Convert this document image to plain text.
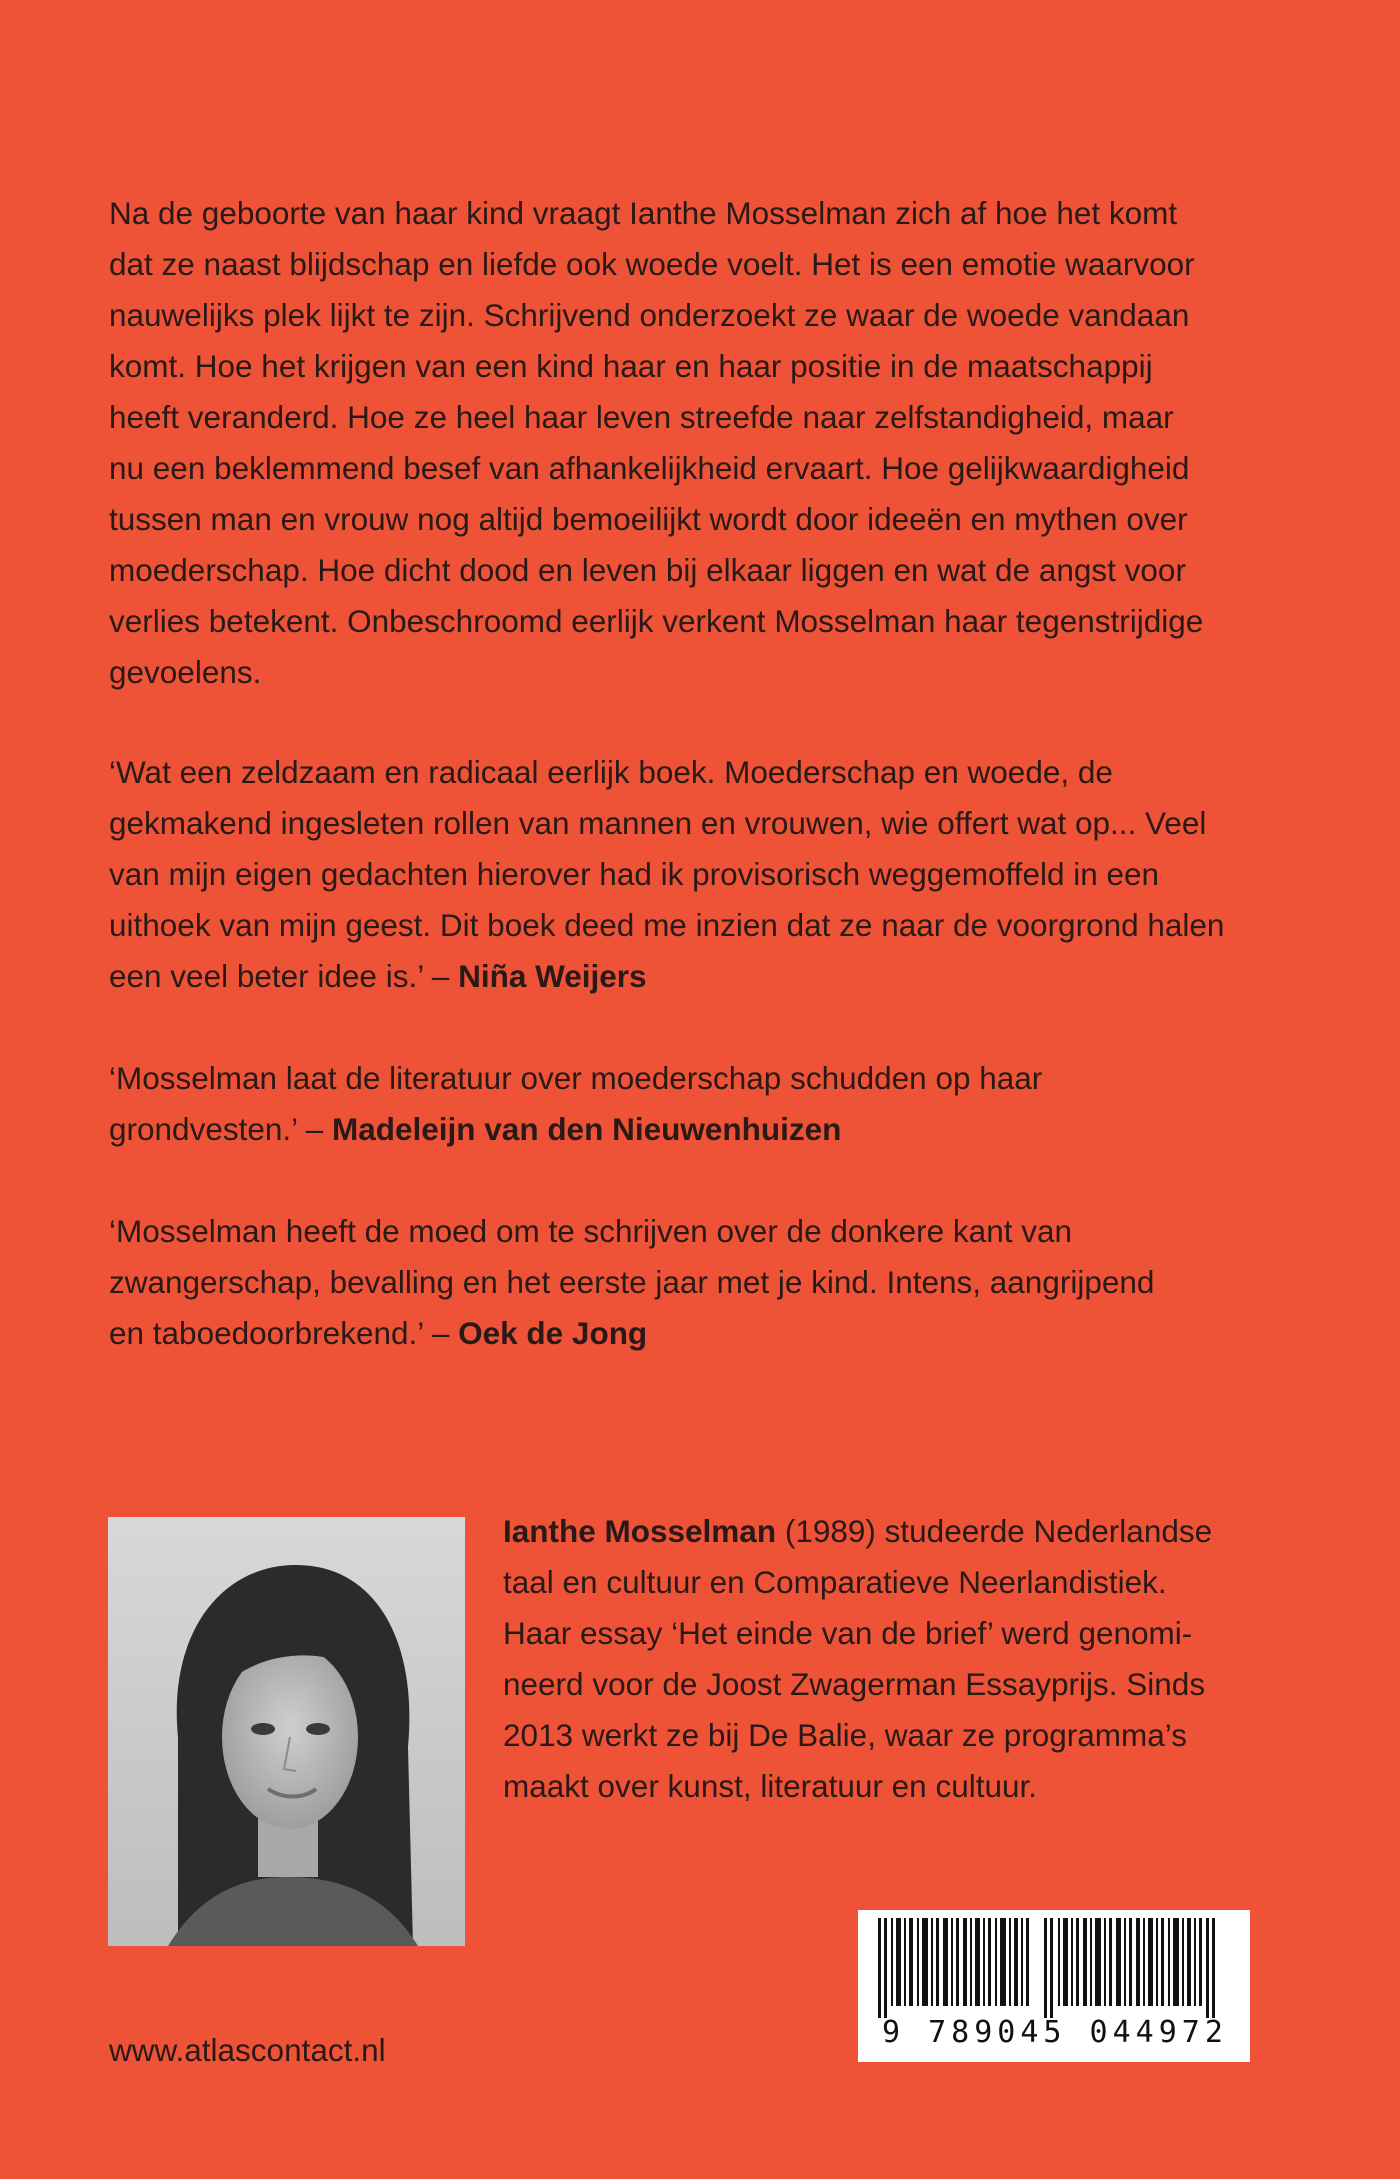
Na de geboorte van haar kind vraagt Ianthe Mosselman zich af hoe het komt
dat ze naast blijdschap en liefde ook woede voelt. Het is een emotie waarvoor
nauwelijks plek lijkt te zijn. Schrijvend onderzoekt ze waar de woede vandaan
komt. Hoe het krijgen van een kind haar en haar positie in de maatschappij
heeft veranderd. Hoe ze heel haar leven streefde naar zelfstandigheid, maar
nu een beklemmend besef van afhankelijkheid ervaart. Hoe gelijkwaardigheid
tussen man en vrouw nog altijd bemoeilijkt wordt door ideeën en mythen over
moederschap. Hoe dicht dood en leven bij elkaar liggen en wat de angst voor
verlies betekent. Onbeschroomd eerlijk verkent Mosselman haar tegenstrijdige
gevoelens.

‘Wat een zeldzaam en radicaal eerlijk boek. Moederschap en woede, de
gekmakend ingesleten rollen van mannen en vrouwen, wie offert wat op... Veel
van mijn eigen gedachten hierover had ik provisorisch weggemoffeld in een
uithoek van mijn geest. Dit boek deed me inzien dat ze naar de voorgrond halen
een veel beter idee is.’ – Niña Weijers

‘Mosselman laat de literatuur over moederschap schudden op haar
grondvesten.’ – Madeleijn van den Nieuwenhuizen

‘Mosselman heeft de moed om te schrijven over de donkere kant van
zwangerschap, bevalling en het eerste jaar met je kind. Intens, aangrijpend
en taboedoorbrekend.’ – Oek de Jong

Ianthe Mosselman (1989) studeerde Nederlandse
taal en cultuur en Comparatieve Neerlandistiek.
Haar essay ‘Het einde van de brief’ werd genomi-
neerd voor de Joost Zwagerman Essayprijs. Sinds
2013 werkt ze bij De Balie, waar ze programma’s
maakt over kunst, literatuur en cultuur.

9 789045 044972
www.atlascontact.nl
